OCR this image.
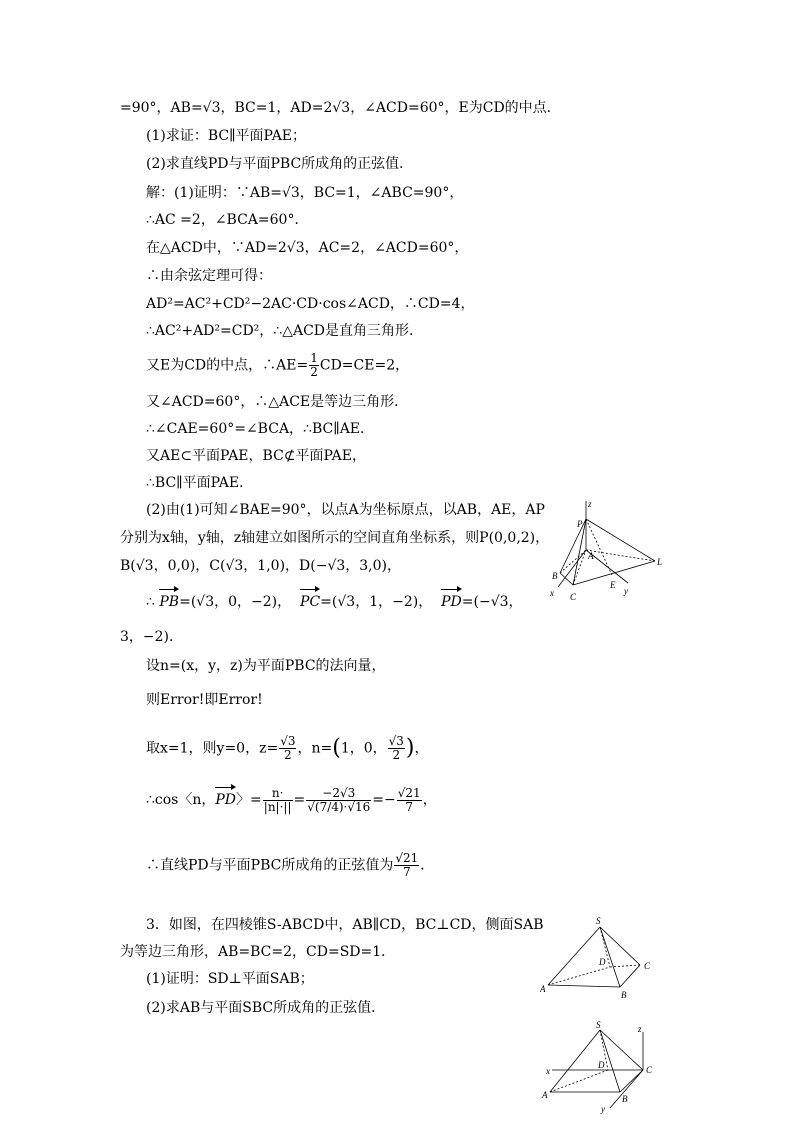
=90°，AB=√3，BC=1，AD=2√3，∠ACD=60°，E为CD的中点．
(1)求证：BC∥平面PAE；
(2)求直线PD与平面PBC所成角的正弦值．
解：(1)证明：∵AB=√3，BC=1，∠ABC=90°，
∴AC =2，∠BCA=60°．
在△ACD中，∵AD=2√3，AC=2，∠ACD=60°，
∴由余弦定理可得：
AD²=AC²+CD²−2AC·CD·cos∠ACD，∴CD=4，
∴AC²+AD²=CD²，∴△ACD是直角三角形．
又E为CD的中点，∴AE= $\frac{1}{2} CD=CE=2$，
又∠ACD=60°，∴△ACE是等边三角形．
∴∠CAE=60°=∠BCA，∴BC∥AE．
又AE⊂平面PAE，BC⊄平面PAE，
∴BC∥平面PAE．
(2)由(1)可知∠BAE=90°，以点A为坐标原点，以AB，AE，AP
分别为x轴，y轴，z轴建立如图所示的空间直角坐标系，则P(0,0,2)，
B(√3，0,0)，C(√3，1,0)，D(−√3，3,0)，
∴ PB=(√3，0，−2)， PC=(√3，1，−2)， PD=(−√3，
3，−2)．
设n=(x，y，z)为平面PBC的法向量，
则Error!即Error!
取x=1，则y=0，$z= \frac{√3}{2}$ ，n=(1，0， $\frac{√3}{2}$ )，
∴cos〈n，PD〉= $\frac{n\cdot}{|n|\cdot||} = \frac{-2√3}{√(7/4)\cdot√16} =- \frac{√21}{7}$ ，
∴直线PD与平面PBC所成角的正弦值为 $\frac{√21}{7}$ ．
3．如图，在四棱锥S-ABCD中，AB∥CD，BC⊥CD，侧面SAB
为等边三角形，AB=BC=2，CD=SD=1．
(1)证明：SD⊥平面SAB；
(2)求AB与平面SBC所成角的正弦值．
z
P
A
L
B
x C
E
y
S
D	C
A
B
S	z
x
D	C
A
y
B
